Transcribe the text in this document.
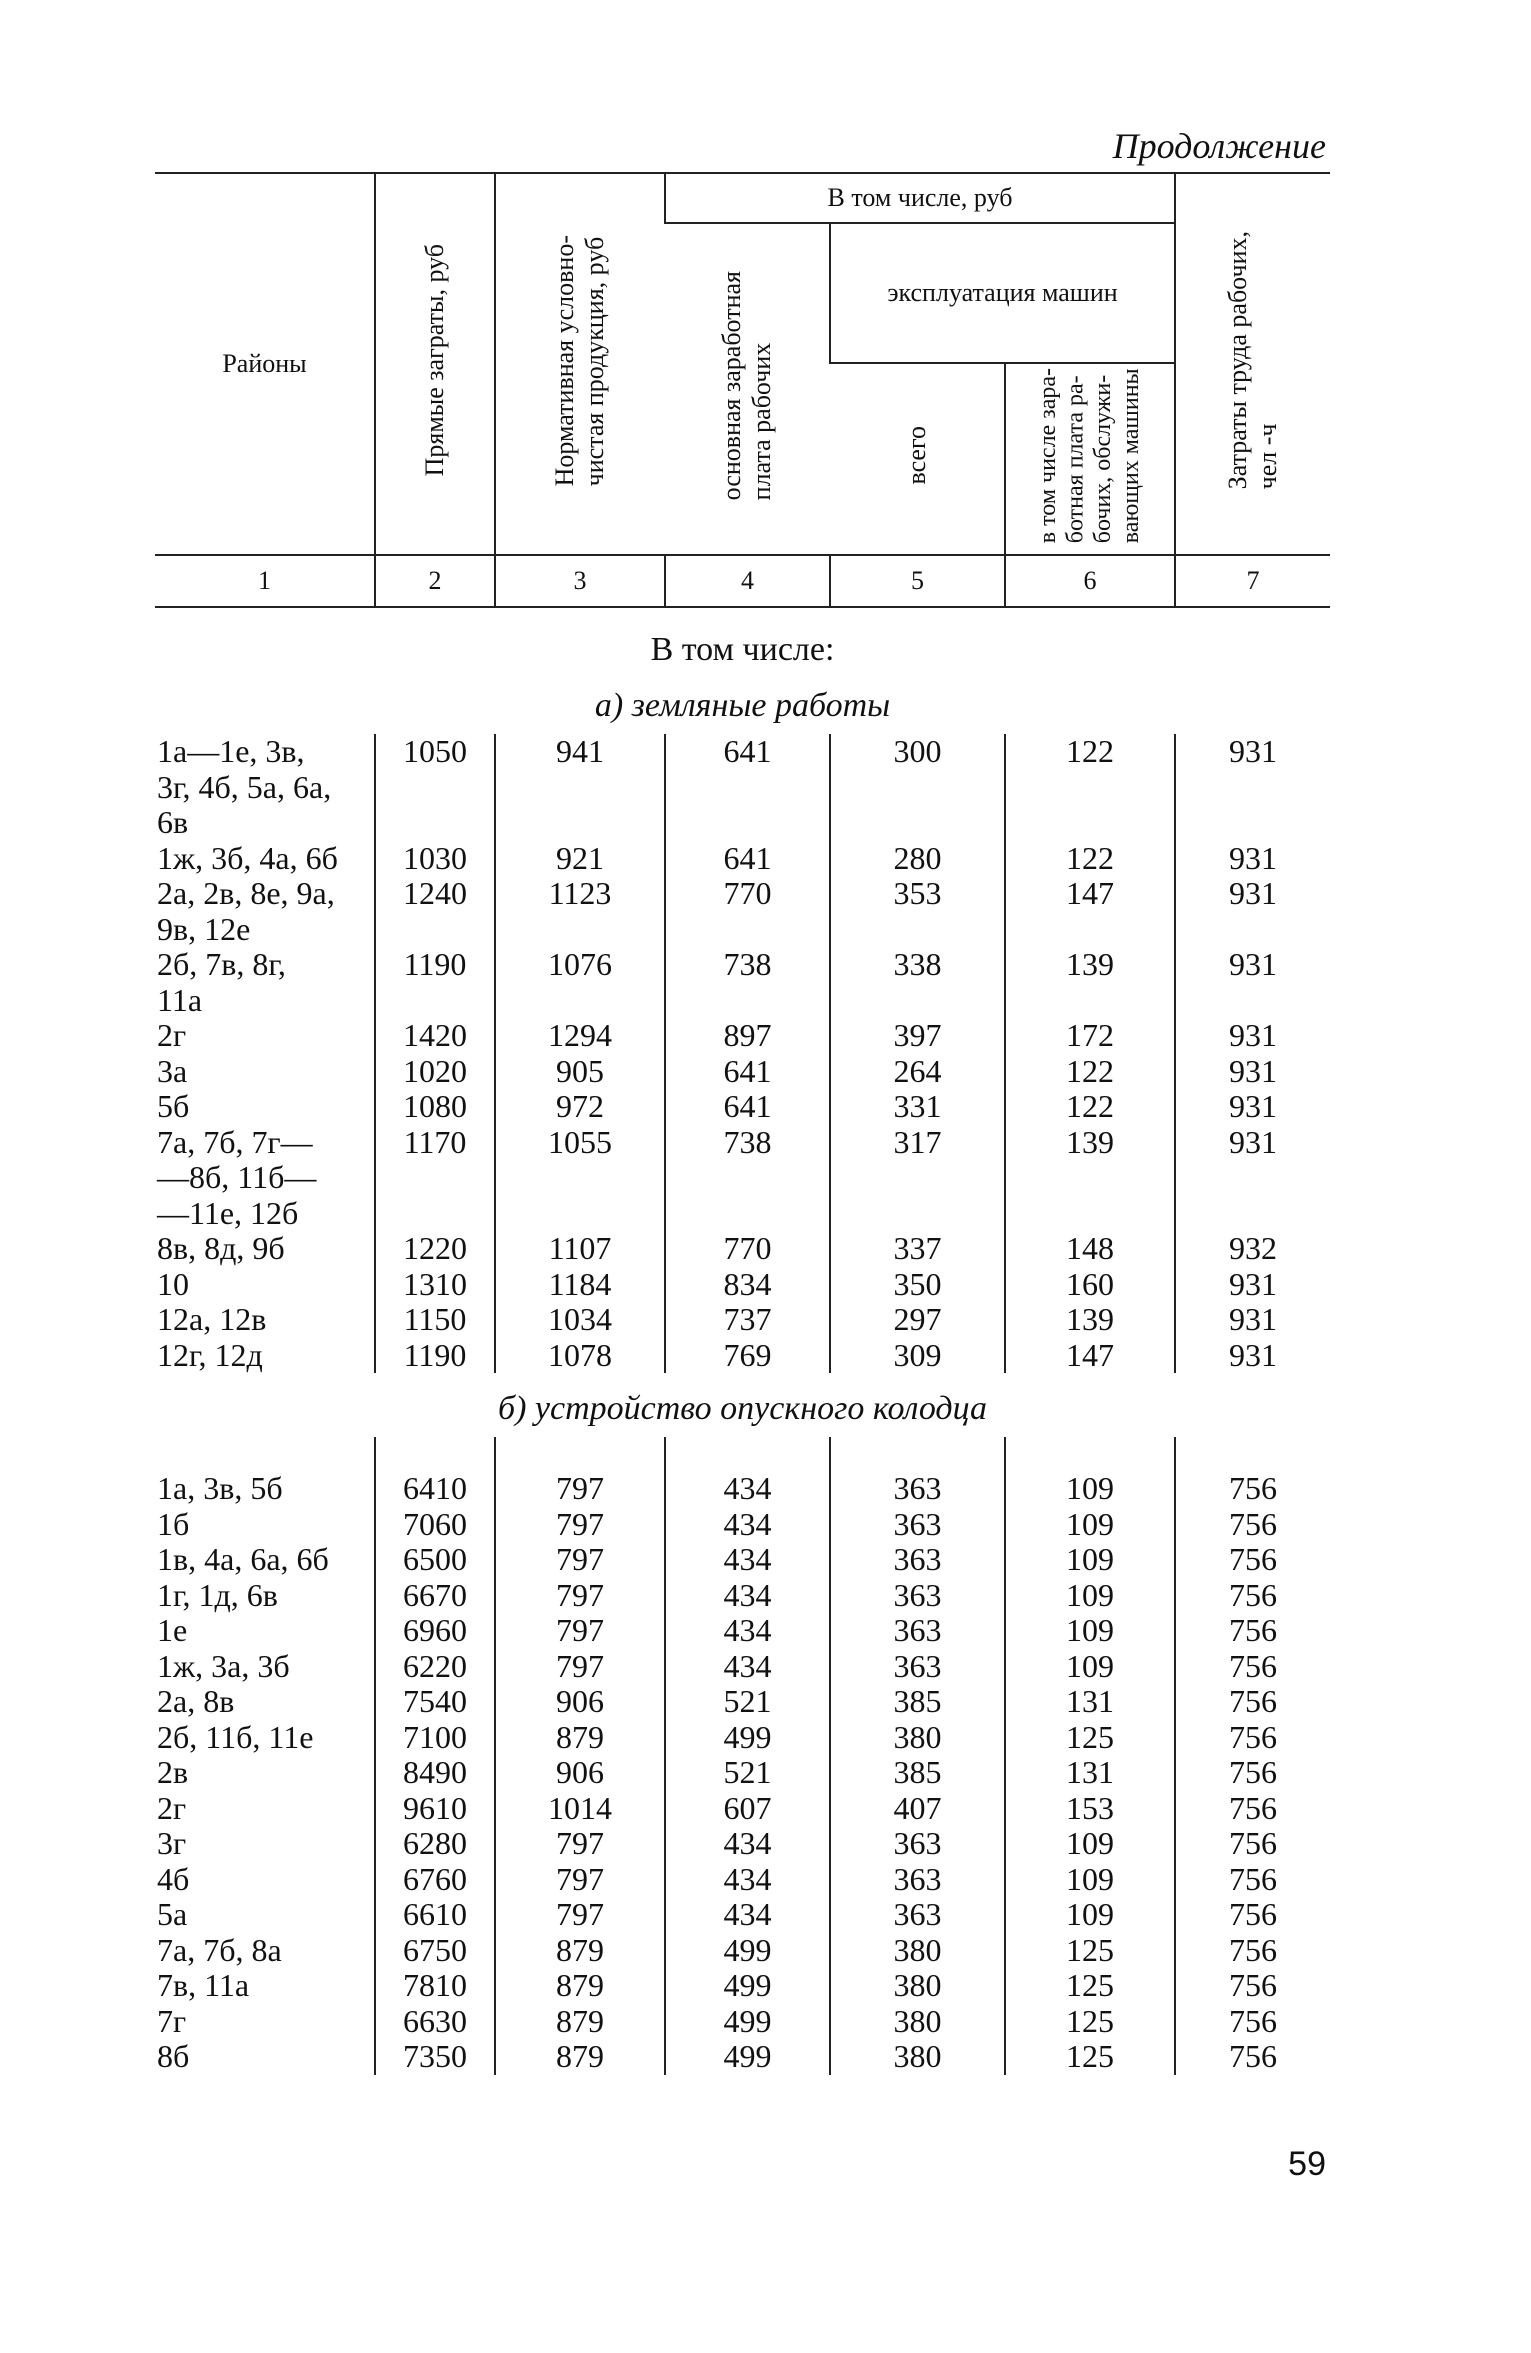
Продолжение
Районы	Прямые заграты, руб	Нормативная условно-
чистая продукция, руб	В том числе, руб			Затраты труда рабочих,
чел -ч
			основная заработная
плата рабочих	эксплуатация машин		
				всего	в том числе зара-
ботная плата ра-
бочих, обслужи-
вающих машины	
1	2	3	4	5	6	7
В том числе:
а) земляные работы
1а—1е, 3в,
3г, 4б, 5а, 6а,
6в	1050	941	641	300	122	931
1ж, 3б, 4а, 6б	1030	921	641	280	122	931
2а, 2в, 8е, 9а,
9в, 12е	1240	1123	770	353	147	931
2б, 7в, 8г,
11а	1190	1076	738	338	139	931
2г	1420	1294	897	397	172	931
3а	1020	905	641	264	122	931
5б	1080	972	641	331	122	931
7а, 7б, 7г—
—8б, 11б—
—11е, 12б	1170	1055	738	317	139	931
8в, 8д, 9б	1220	1107	770	337	148	932
10	1310	1184	834	350	160	931
12а, 12в	1150	1034	737	297	139	931
12г, 12д	1190	1078	769	309	147	931
б) устройство опускного колодца

1а, 3в, 5б	6410	797	434	363	109	756
1б	7060	797	434	363	109	756
1в, 4а, 6а, 6б	6500	797	434	363	109	756
1г, 1д, 6в	6670	797	434	363	109	756
1е	6960	797	434	363	109	756
1ж, 3а, 3б	6220	797	434	363	109	756
2а, 8в	7540	906	521	385	131	756
2б, 11б, 11е	7100	879	499	380	125	756
2в	8490	906	521	385	131	756
2г	9610	1014	607	407	153	756
3г	6280	797	434	363	109	756
4б	6760	797	434	363	109	756
5а	6610	797	434	363	109	756
7а, 7б, 8а	6750	879	499	380	125	756
7в, 11а	7810	879	499	380	125	756
7г	6630	879	499	380	125	756
8б	7350	879	499	380	125	756
59
